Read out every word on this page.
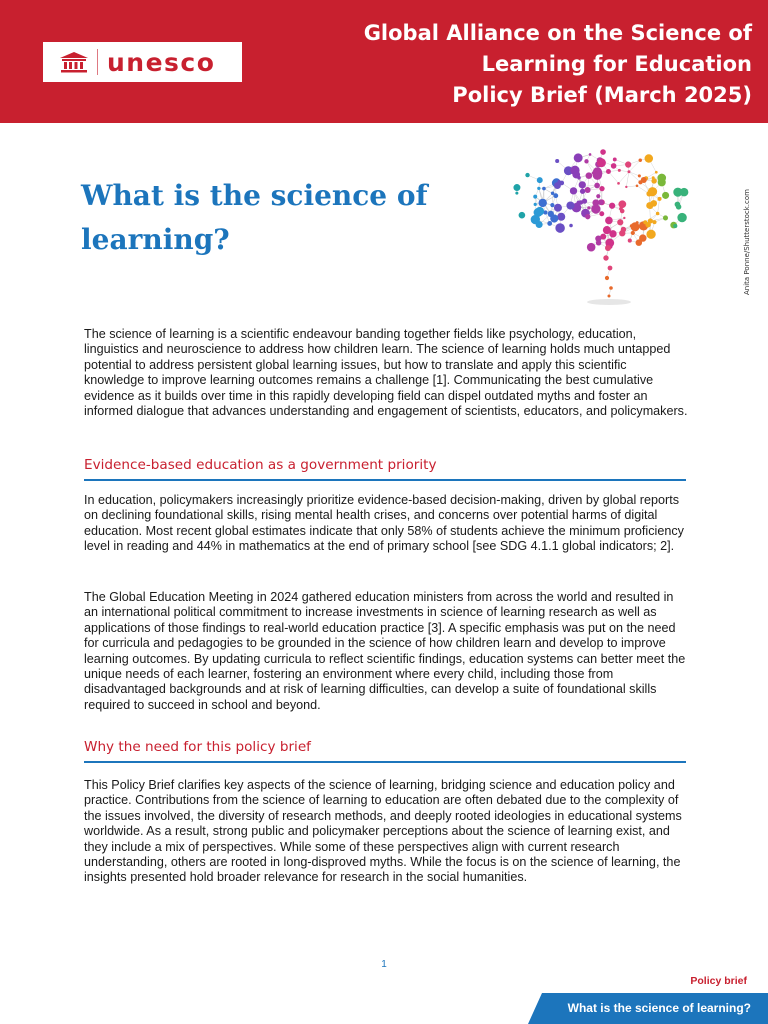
unesco
Global Alliance on the Science of
Learning for Education
Policy Brief (March 2025)
What is the science of learning?	Anita Ponne/Shutterstock.com

The science of learning is a scientific endeavour banding together fields like psychology, education, linguistics and neuroscience to address how children learn. The science of learning holds much untapped potential to address persistent global learning issues, but how to translate and apply this scientific knowledge to improve learning outcomes remains a challenge [1]. Communicating the best cumulative evidence as it builds over time in this rapidly developing field can dispel outdated myths and foster an informed dialogue that advances understanding and engagement of scientists, educators, and policymakers.

Evidence-based education as a government priority

In education, policymakers increasingly prioritize evidence-based decision-making, driven by global reports on declining foundational skills, rising mental health crises, and concerns over potential harms of digital education. Most recent global estimates indicate that only 58% of students achieve the minimum proficiency level in reading and 44% in mathematics at the end of primary school [see SDG 4.1.1 global indicators; 2].

The Global Education Meeting in 2024 gathered education ministers from across the world and resulted in an international political commitment to increase investments in science of learning research as well as applications of those findings to real-world education practice [3]. A specific emphasis was put on the need for curricula and pedagogies to be grounded in the science of how children learn and develop to improve learning outcomes. By updating curricula to reflect scientific findings, education systems can better meet the unique needs of each learner, fostering an environment where every child, including those from disadvantaged backgrounds and at risk of learning difficulties, can develop a suite of foundational skills required to succeed in school and beyond.

Why the need for this policy brief

This Policy Brief clarifies key aspects of the science of learning, bridging science and education policy and practice. Contributions from the science of learning to education are often debated due to the complexity of the issues involved, the diversity of research methods, and deeply rooted ideologies in educational systems worldwide. As a result, strong public and policymaker perceptions about the science of learning exist, and they include a mix of perspectives. While some of these perspectives align with current research understanding, others are rooted in long-disproved myths. While the focus is on the science of learning, the insights presented hold broader relevance for research in the social humanities.

1
Policy brief
What is the science of learning?
